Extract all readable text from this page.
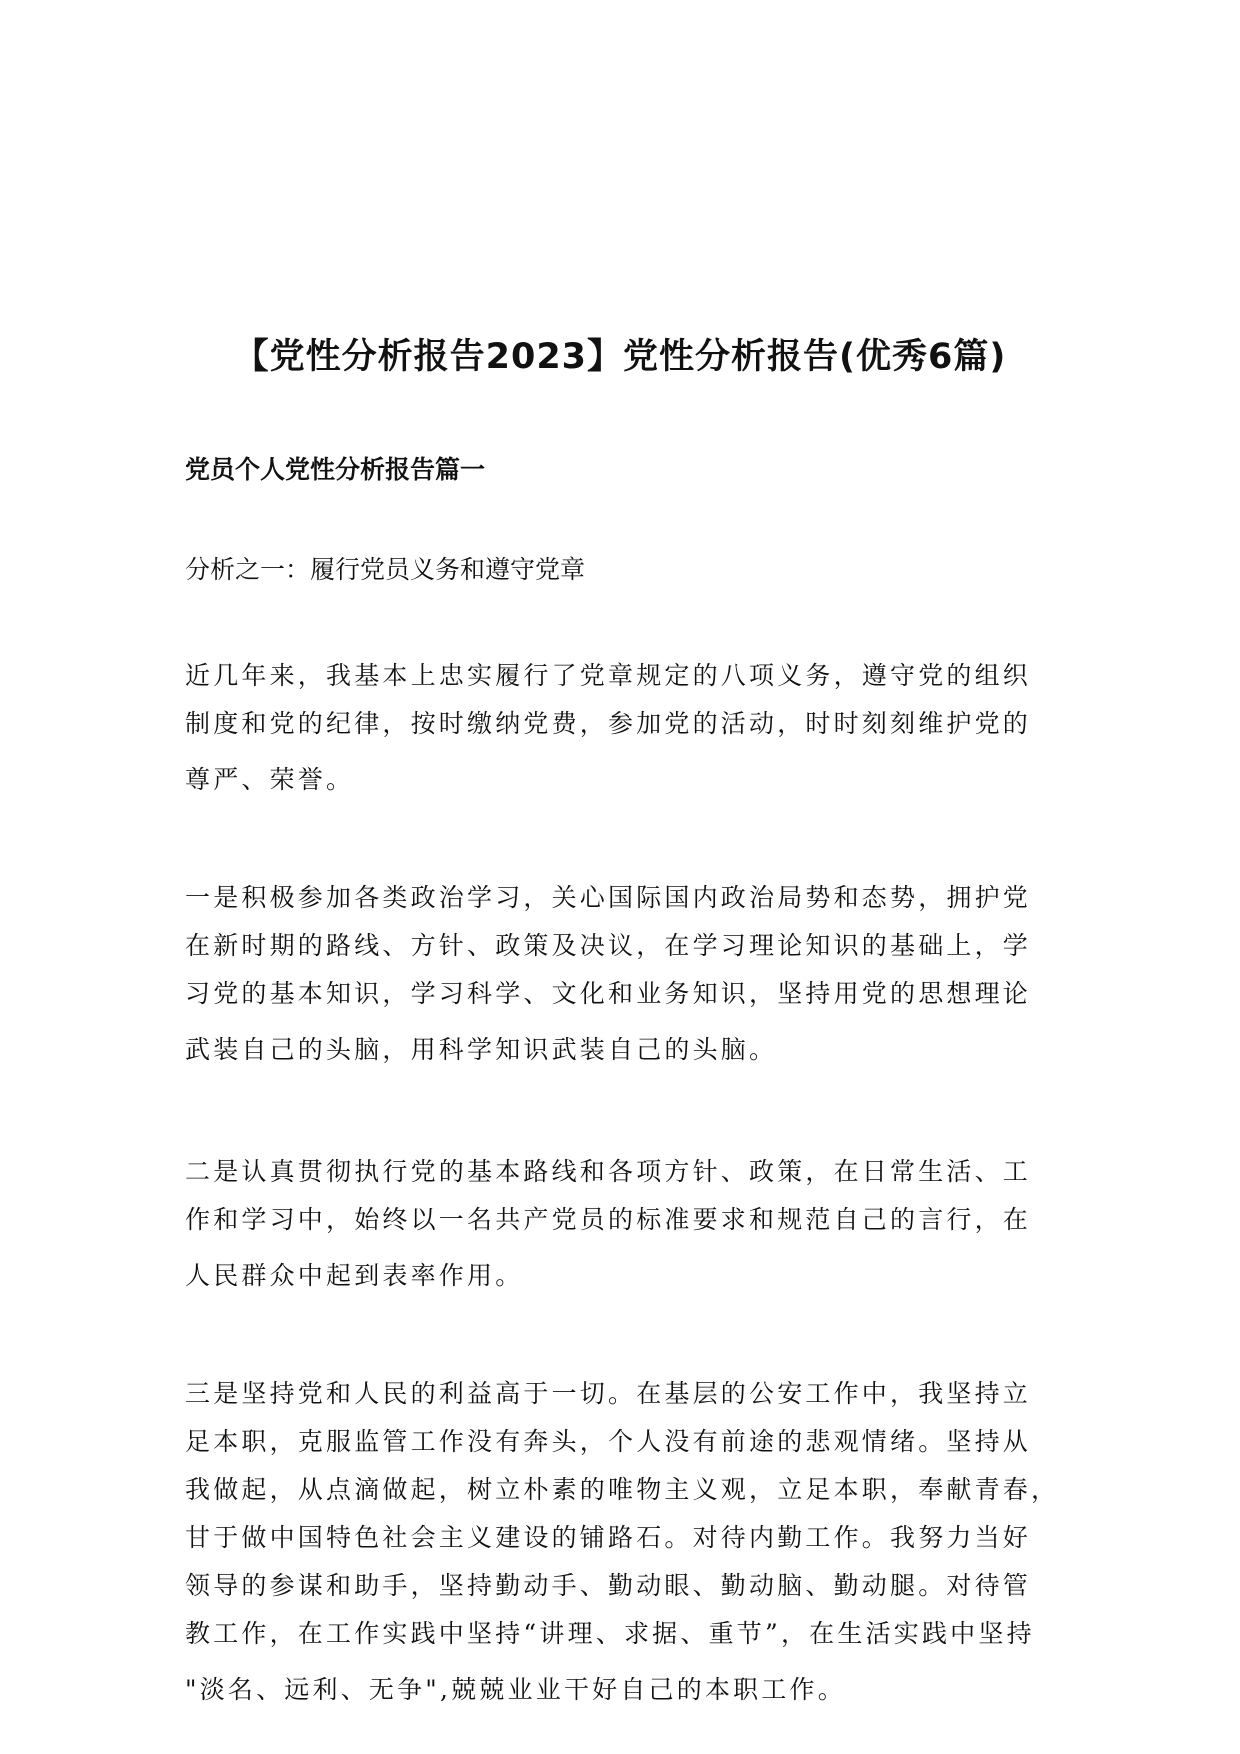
【党性分析报告2023】党性分析报告(优秀6篇)
党员个人党性分析报告篇一
分析之一：履行党员义务和遵守党章
近几年来，我基本上忠实履行了党章规定的八项义务，遵守党的组织
制度和党的纪律，按时缴纳党费，参加党的活动，时时刻刻维护党的
尊严、荣誉。
一是积极参加各类政治学习，关心国际国内政治局势和态势，拥护党
在新时期的路线、方针、政策及决议，在学习理论知识的基础上，学
习党的基本知识，学习科学、文化和业务知识，坚持用党的思想理论
武装自己的头脑，用科学知识武装自己的头脑。
二是认真贯彻执行党的基本路线和各项方针、政策，在日常生活、工
作和学习中，始终以一名共产党员的标准要求和规范自己的言行，在
人民群众中起到表率作用。
三是坚持党和人民的利益高于一切。在基层的公安工作中，我坚持立
足本职，克服监管工作没有奔头，个人没有前途的悲观情绪。坚持从
我做起，从点滴做起，树立朴素的唯物主义观，立足本职，奉献青春，
甘于做中国特色社会主义建设的铺路石。对待内勤工作。我努力当好
领导的参谋和助手，坚持勤动手、勤动眼、勤动脑、勤动腿。对待管
教工作，在工作实践中坚持“讲理、求据、重节”，在生活实践中坚持
"淡名、远利、无争",兢兢业业干好自己的本职工作。
